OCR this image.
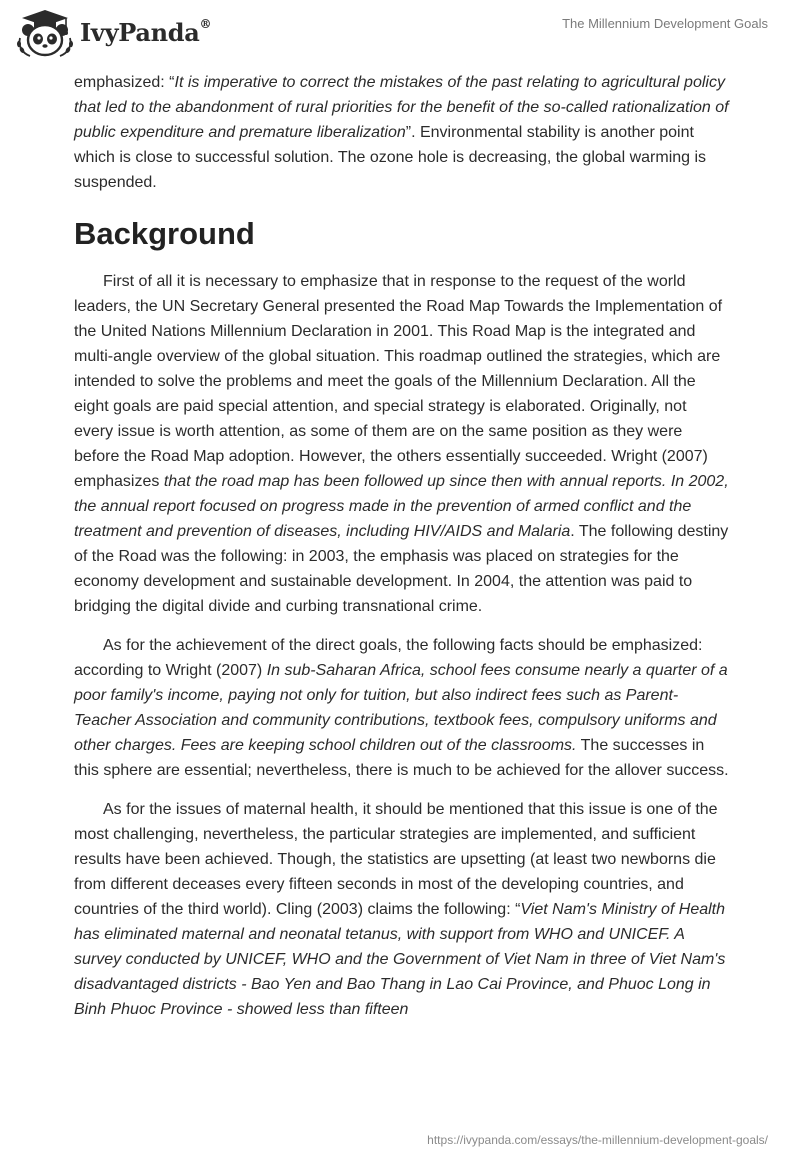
IvyPanda®	The Millennium Development Goals

emphasized: “It is imperative to correct the mistakes of the past relating to agricultural policy that led to the abandonment of rural priorities for the benefit of the so-called rationalization of public expenditure and premature liberalization”. Environmental stability is another point which is close to successful solution. The ozone hole is decreasing, the global warming is suspended.

Background

First of all it is necessary to emphasize that in response to the request of the world leaders, the UN Secretary General presented the Road Map Towards the Implementation of the United Nations Millennium Declaration in 2001. This Road Map is the integrated and multi-angle overview of the global situation. This roadmap outlined the strategies, which are intended to solve the problems and meet the goals of the Millennium Declaration. All the eight goals are paid special attention, and special strategy is elaborated. Originally, not every issue is worth attention, as some of them are on the same position as they were before the Road Map adoption. However, the others essentially succeeded. Wright (2007) emphasizes that the road map has been followed up since then with annual reports. In 2002, the annual report focused on progress made in the prevention of armed conflict and the treatment and prevention of diseases, including HIV/AIDS and Malaria. The following destiny of the Road was the following: in 2003, the emphasis was placed on strategies for the economy development and sustainable development. In 2004, the attention was paid to bridging the digital divide and curbing transnational crime.

As for the achievement of the direct goals, the following facts should be emphasized: according to Wright (2007) In sub-Saharan Africa, school fees consume nearly a quarter of a poor family's income, paying not only for tuition, but also indirect fees such as Parent-Teacher Association and community contributions, textbook fees, compulsory uniforms and other charges. Fees are keeping school children out of the classrooms. The successes in this sphere are essential; nevertheless, there is much to be achieved for the allover success.

As for the issues of maternal health, it should be mentioned that this issue is one of the most challenging, nevertheless, the particular strategies are implemented, and sufficient results have been achieved. Though, the statistics are upsetting (at least two newborns die from different deceases every fifteen seconds in most of the developing countries, and countries of the third world). Cling (2003) claims the following: “Viet Nam's Ministry of Health has eliminated maternal and neonatal tetanus, with support from WHO and UNICEF. A survey conducted by UNICEF, WHO and the Government of Viet Nam in three of Viet Nam's disadvantaged districts - Bao Yen and Bao Thang in Lao Cai Province, and Phuoc Long in Binh Phuoc Province - showed less than fifteen

https://ivypanda.com/essays/the-millennium-development-goals/
